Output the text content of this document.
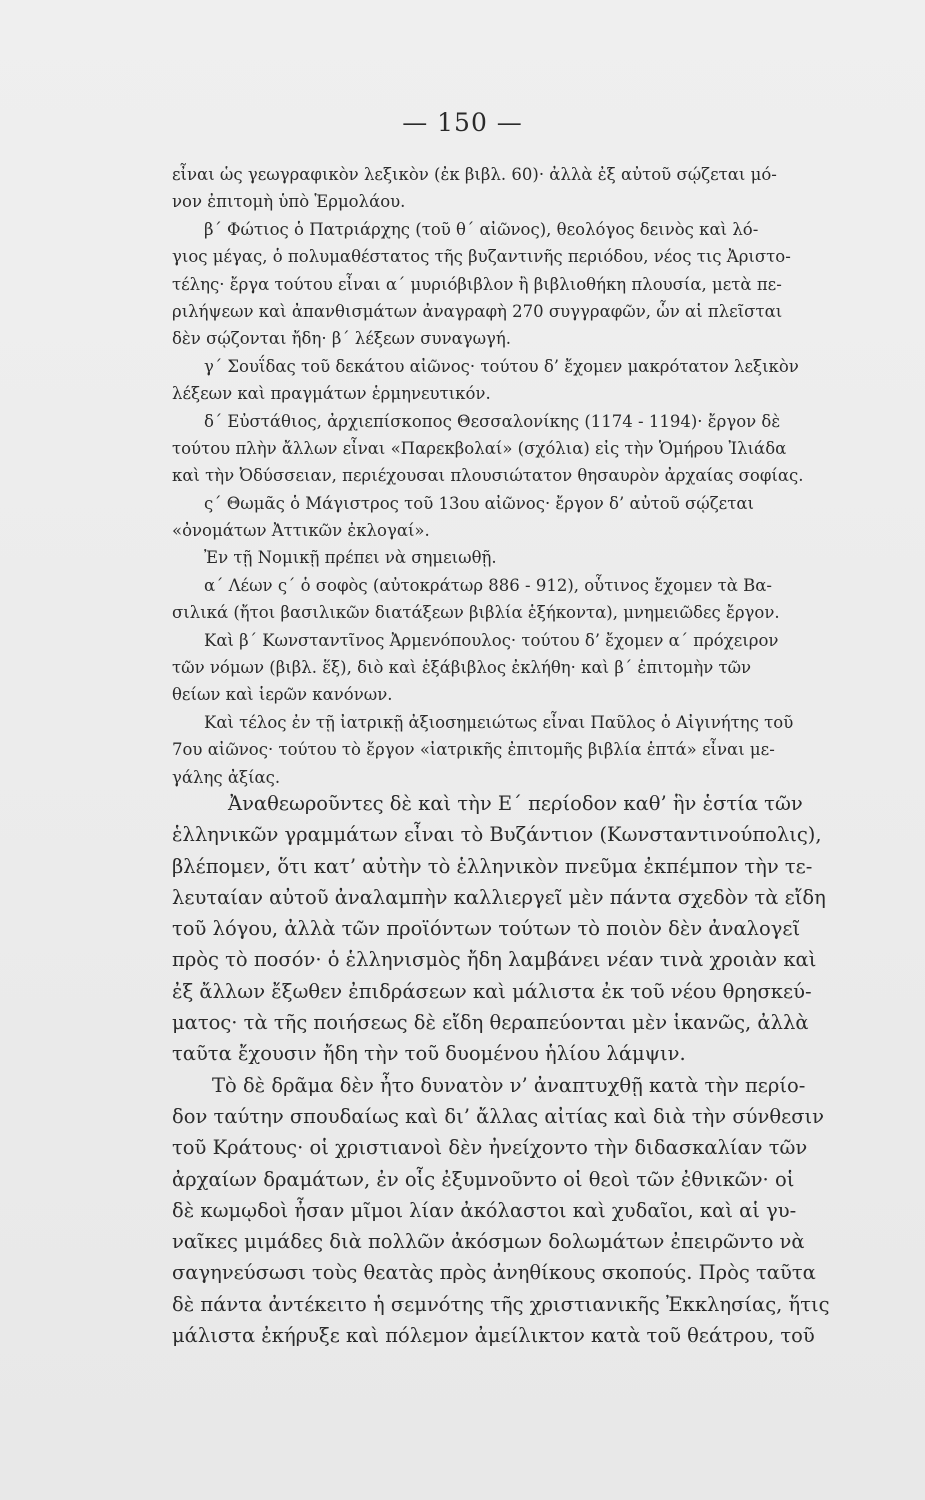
— 150 —
εἶναι ὡς γεωγραφικὸν λεξικὸν (ἐκ βιβλ. 60)· ἀλλὰ ἐξ αὐτοῦ σῴζεται μό-
νον ἐπιτομὴ ὑπὸ Ἑρμολάου.
β΄ Φώτιος ὁ Πατριάρχης (τοῦ θ΄ αἰῶνος), θεολόγος δεινὸς καὶ λό-
γιος μέγας, ὁ πολυμαθέστατος τῆς βυζαντινῆς περιόδου, νέος τις Ἀριστο-
τέλης· ἔργα τούτου εἶναι α΄ μυριόβιβλον ἢ βιβλιοθήκη πλουσία, μετὰ πε-
ριλήψεων καὶ ἀπανθισμάτων ἀναγραφὴ 270 συγγραφῶν, ὧν αἱ πλεῖσται
δὲν σῴζονται ἤδη· β΄ λέξεων συναγωγή.
γ΄ Σουΐδας τοῦ δεκάτου αἰῶνος· τούτου δ’ ἔχομεν μακρότατον λεξικὸν
λέξεων καὶ πραγμάτων ἑρμηνευτικόν.
δ΄ Εὐστάθιος, ἀρχιεπίσκοπος Θεσσαλονίκης (1174 - 1194)· ἔργον δὲ
τούτου πλὴν ἄλλων εἶναι «Παρεκβολαί» (σχόλια) εἰς τὴν Ὁμήρου Ἰλιάδα
καὶ τὴν Ὀδύσσειαν, περιέχουσαι πλουσιώτατον θησαυρὸν ἀρχαίας σοφίας.
ς΄ Θωμᾶς ὁ Μάγιστρος τοῦ 13ου αἰῶνος· ἔργον δ’ αὐτοῦ σῴζεται
«ὀνομάτων Ἀττικῶν ἐκλογαί».
Ἐν τῇ Νομικῇ πρέπει νὰ σημειωθῇ.
α΄ Λέων ς΄ ὁ σοφὸς (αὐτοκράτωρ 886 - 912), οὗτινος ἔχομεν τὰ Βα-
σιλικά (ἤτοι βασιλικῶν διατάξεων βιβλία ἑξήκοντα), μνημειῶδες ἔργον.
Καὶ β΄ Κωνσταντῖνος Ἀρμενόπουλος· τούτου δ’ ἔχομεν α΄ πρόχειρον
τῶν νόμων (βιβλ. ἕξ), διὸ καὶ ἑξάβιβλος ἐκλήθη· καὶ β΄ ἐπιτομὴν τῶν
θείων καὶ ἱερῶν κανόνων.
Καὶ τέλος ἐν τῇ ἰατρικῇ ἀξιοσημειώτως εἶναι Παῦλος ὁ Αἰγινήτης τοῦ
7ου αἰῶνος· τούτου τὸ ἔργον «ἰατρικῆς ἐπιτομῆς βιβλία ἑπτά» εἶναι με-
γάλης ἀξίας.
Ἀναθεωροῦντες δὲ καὶ τὴν Ε΄ περίοδον καθ’ ἣν ἑστία τῶν
ἑλληνικῶν γραμμάτων εἶναι τὸ Βυζάντιον (Κωνσταντινούπολις),
βλέπομεν, ὅτι κατ’ αὐτὴν τὸ ἑλληνικὸν πνεῦμα ἐκπέμπον τὴν τε-
λευταίαν αὐτοῦ ἀναλαμπὴν καλλιεργεῖ μὲν πάντα σχεδὸν τὰ εἴδη
τοῦ λόγου, ἀλλὰ τῶν προϊόντων τούτων τὸ ποιὸν δὲν ἀναλογεῖ
πρὸς τὸ ποσόν· ὁ ἑλληνισμὸς ἤδη λαμβάνει νέαν τινὰ χροιὰν καὶ
ἐξ ἄλλων ἔξωθεν ἐπιδράσεων καὶ μάλιστα ἐκ τοῦ νέου θρησκεύ-
ματος· τὰ τῆς ποιήσεως δὲ εἴδη θεραπεύονται μὲν ἱκανῶς, ἀλλὰ
ταῦτα ἔχουσιν ἤδη τὴν τοῦ δυομένου ἡλίου λάμψιν.
Τὸ δὲ δρᾶμα δὲν ἦτο δυνατὸν ν’ ἀναπτυχθῇ κατὰ τὴν περίο-
δον ταύτην σπουδαίως καὶ δι’ ἄλλας αἰτίας καὶ διὰ τὴν σύνθεσιν
τοῦ Κράτους· οἱ χριστιανοὶ δὲν ἠνείχοντο τὴν διδασκαλίαν τῶν
ἀρχαίων δραμάτων, ἐν οἷς ἐξυμνοῦντο οἱ θεοὶ τῶν ἐθνικῶν· οἱ
δὲ κωμῳδοὶ ἦσαν μῖμοι λίαν ἀκόλαστοι καὶ χυδαῖοι, καὶ αἱ γυ-
ναῖκες μιμάδες διὰ πολλῶν ἀκόσμων δολωμάτων ἐπειρῶντο νὰ
σαγηνεύσωσι τοὺς θεατὰς πρὸς ἀνηθίκους σκοπούς. Πρὸς ταῦτα
δὲ πάντα ἀντέκειτο ἡ σεμνότης τῆς χριστιανικῆς Ἐκκλησίας, ἥτις
μάλιστα ἐκήρυξε καὶ πόλεμον ἀμείλικτον κατὰ τοῦ θεάτρου, τοῦ
